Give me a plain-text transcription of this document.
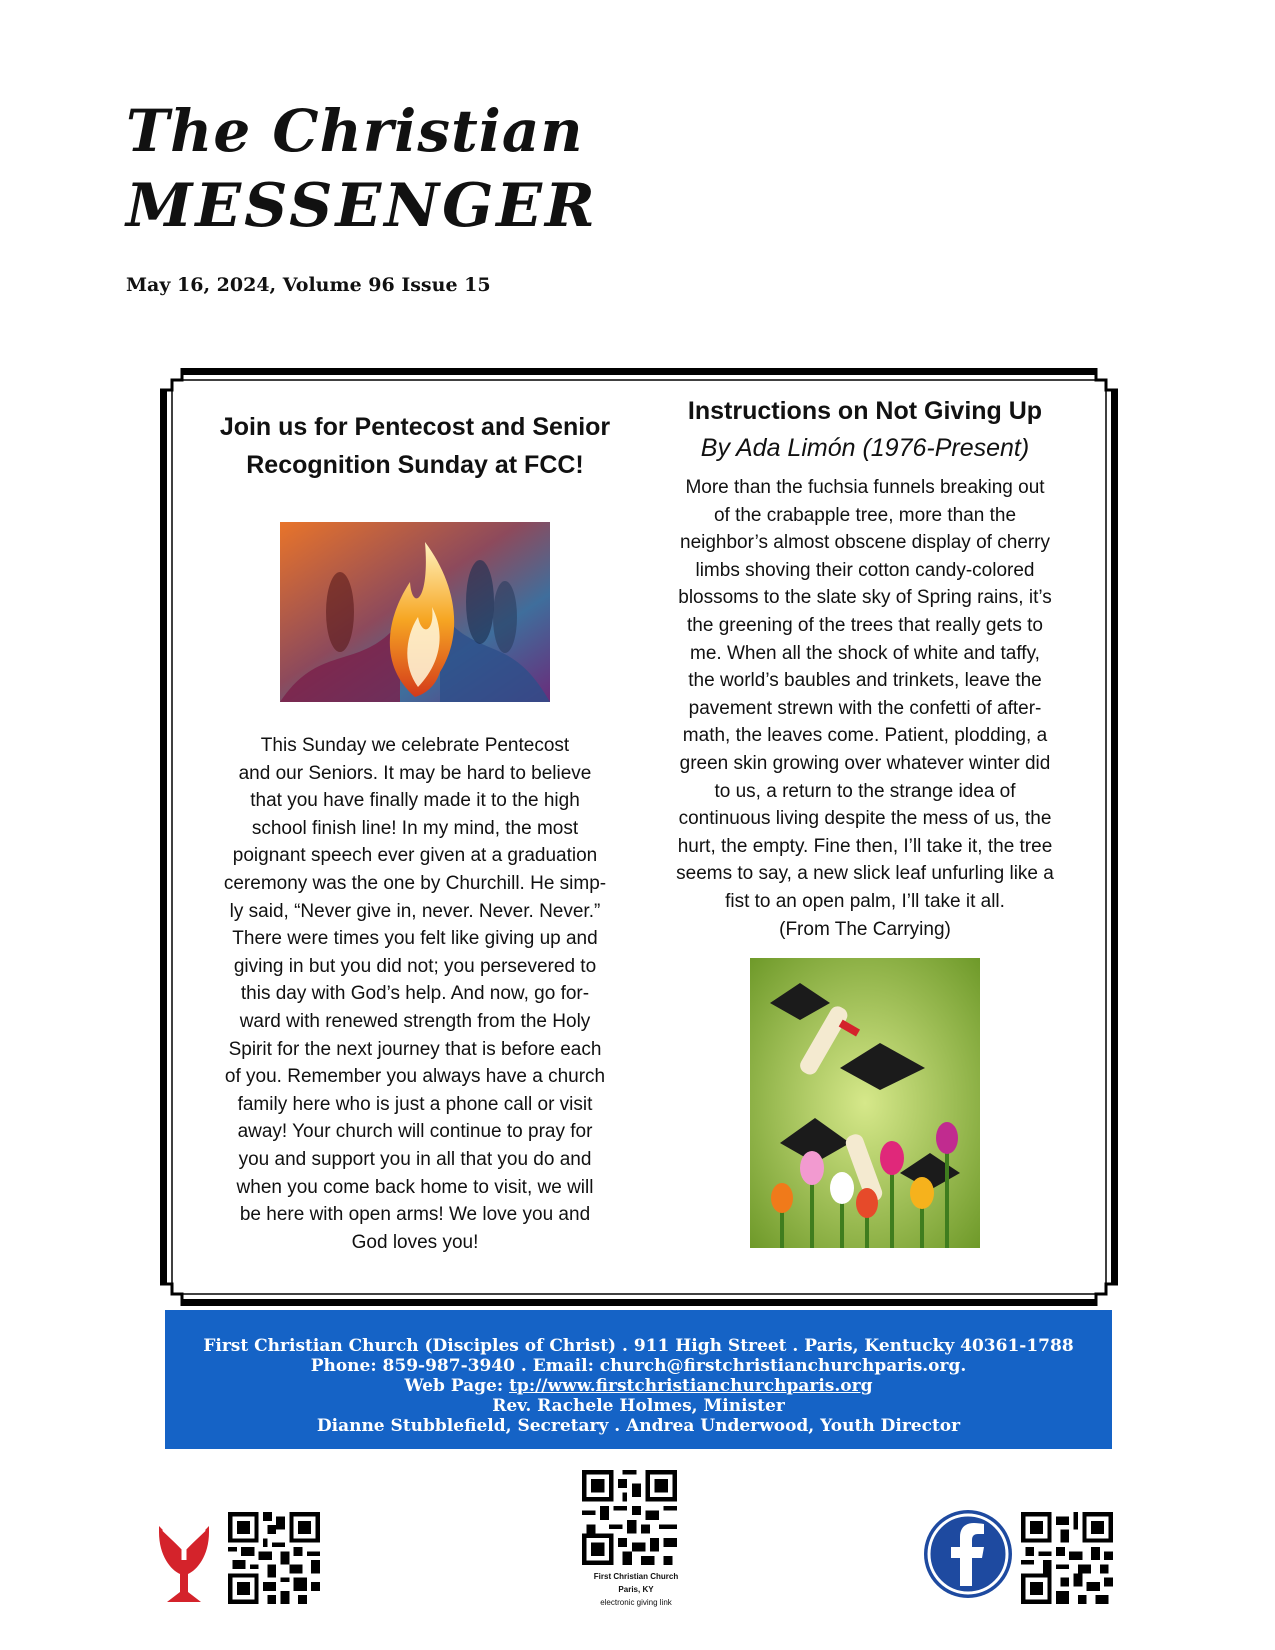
The Christian

MESSENGER

May 16, 2024, Volume 96 Issue 15

Join us for Pentecost and Senior Recognition Sunday at FCC!

This Sunday we celebrate Pentecost
and our Seniors. It may be hard to believe
that you have finally made it to the high
school finish line! In my mind, the most
poignant speech ever given at a graduation
ceremony was the one by Churchill. He simp-
ly said, “Never give in, never. Never. Never.”
There were times you felt like giving up and
giving in but you did not; you persevered to
this day with God’s help. And now, go for-
ward with renewed strength from the Holy
Spirit for the next journey that is before each
of you. Remember you always have a church
family here who is just a phone call or visit
away! Your church will continue to pray for
you and support you in all that you do and
when you come back home to visit, we will
be here with open arms! We love you and
God loves you!

Instructions on Not Giving Up

By Ada Limón (1976-Present)

More than the fuchsia funnels breaking out
of the crabapple tree, more than the
neighbor’s almost obscene display of cherry
limbs shoving their cotton candy-colored
blossoms to the slate sky of Spring rains, it’s
the greening of the trees that really gets to
me. When all the shock of white and taffy,
the world’s baubles and trinkets, leave the
pavement strewn with the confetti of after-
math, the leaves come. Patient, plodding, a
green skin growing over whatever winter did
to us, a return to the strange idea of
continuous living despite the mess of us, the
hurt, the empty. Fine then, I’ll take it, the tree
seems to say, a new slick leaf unfurling like a
fist to an open palm, I’ll take it all.

(From The Carrying)

First Christian Church (Disciples of Christ) . 911 High Street . Paris, Kentucky 40361-1788
Phone: 859-987-3940 . Email: church@firstchristianchurchparis.org.
Web Page: tp://www.firstchristianchurchparis.org
Rev. Rachele Holmes, Minister
Dianne Stubblefield, Secretary . Andrea Underwood, Youth Director
First Christian Church
Paris, KY
electronic giving link
